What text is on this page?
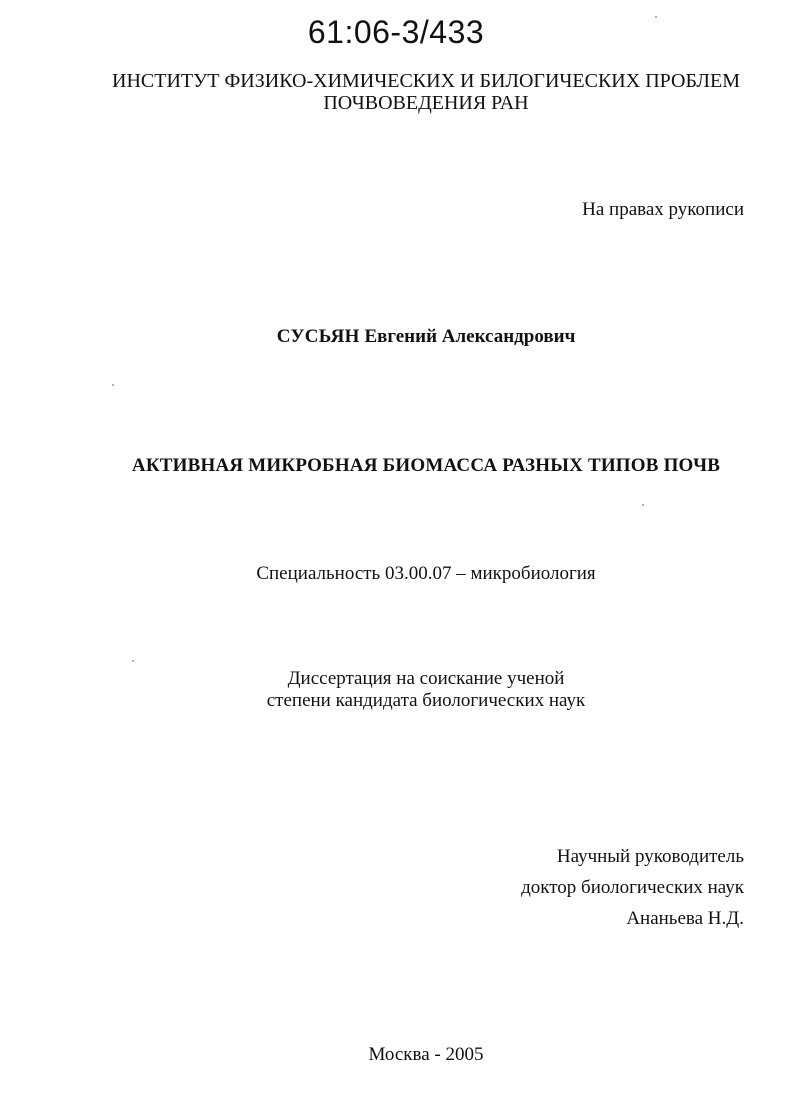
61:06-3/433
ИНСТИТУТ ФИЗИКО-ХИМИЧЕСКИХ И БИЛОГИЧЕСКИХ ПРОБЛЕМ
ПОЧВОВЕДЕНИЯ РАН
На правах рукописи
СУСЬЯН Евгений Александрович
АКТИВНАЯ МИКРОБНАЯ БИОМАССА РАЗНЫХ ТИПОВ ПОЧВ
Специальность 03.00.07 – микробиология
Диссертация на соискание ученой
степени кандидата биологических наук
Научный руководитель
доктор биологических наук
Ананьева Н.Д.
Москва - 2005
